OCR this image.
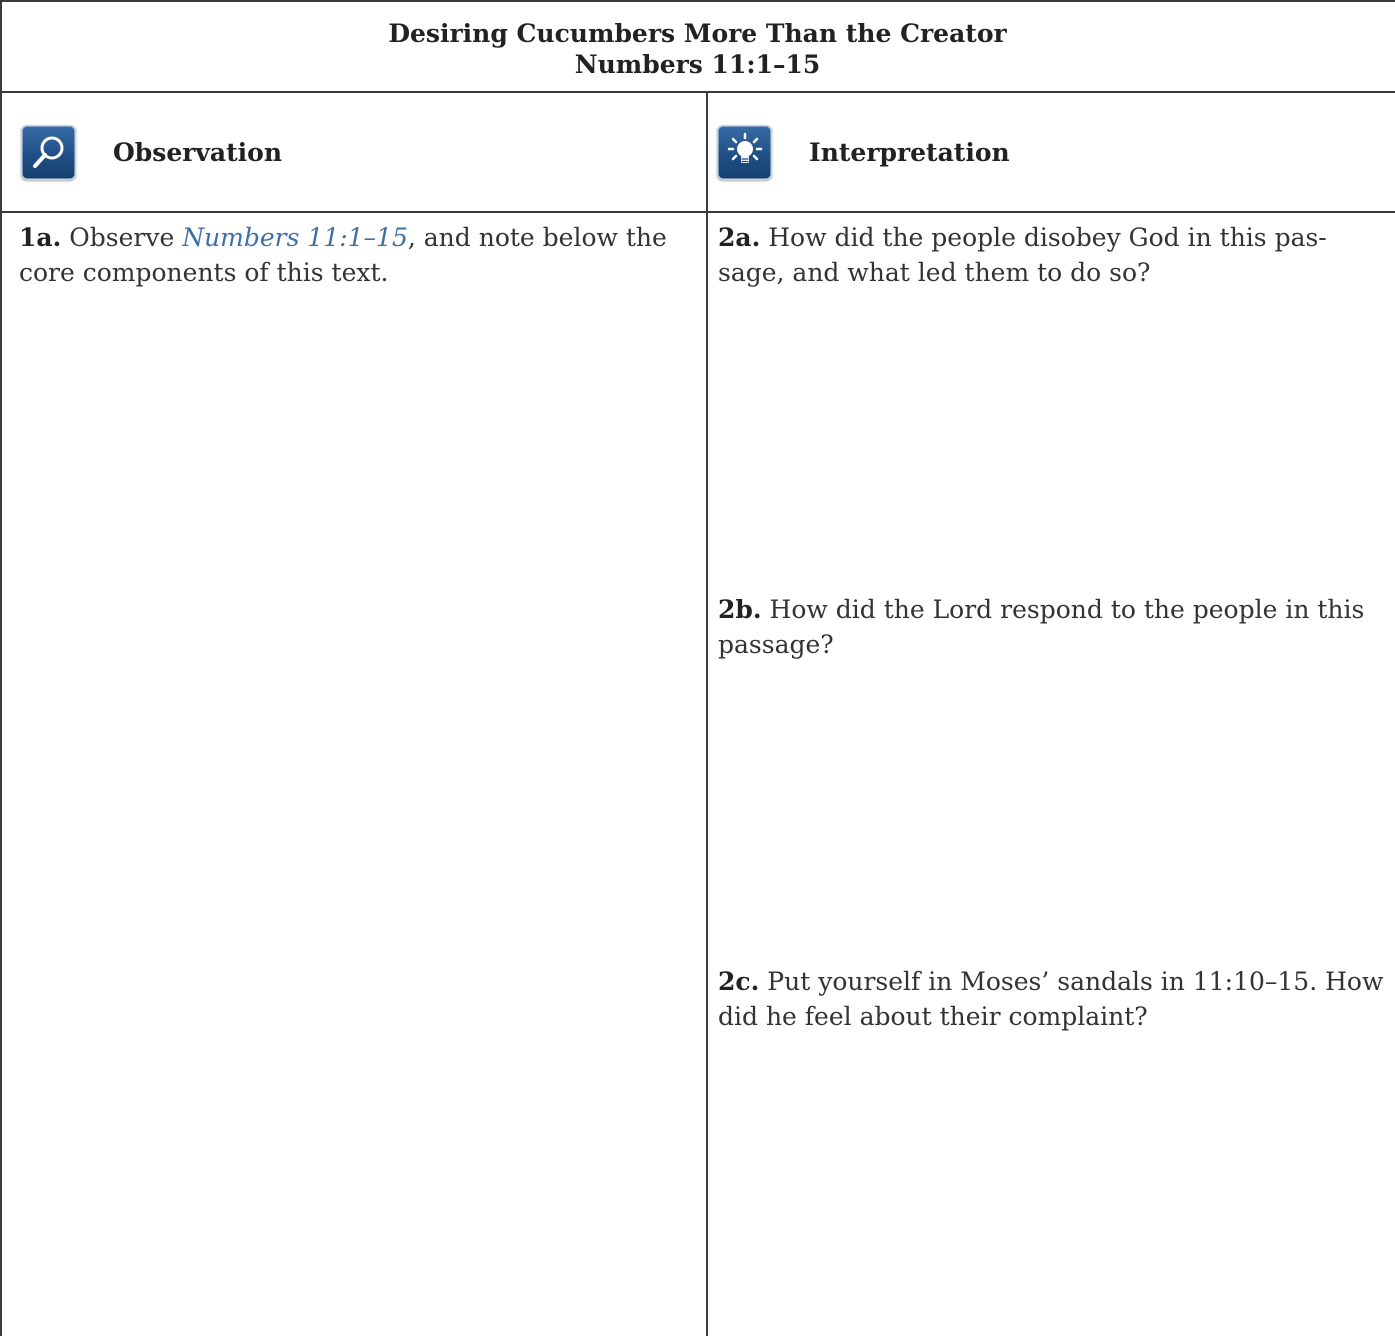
Desiring Cucumbers More Than the Creator
Numbers 11:1–15
Observation	Interpretation
1a. Observe Numbers 11:1–15, and note below the core components of this text.
2a. How did the people disobey God in this pas-sage, and what led them to do so?
2b. How did the Lord respond to the people in this passage?
2c. Put yourself in Moses’ sandals in 11:10–15. How did he feel about their complaint?
